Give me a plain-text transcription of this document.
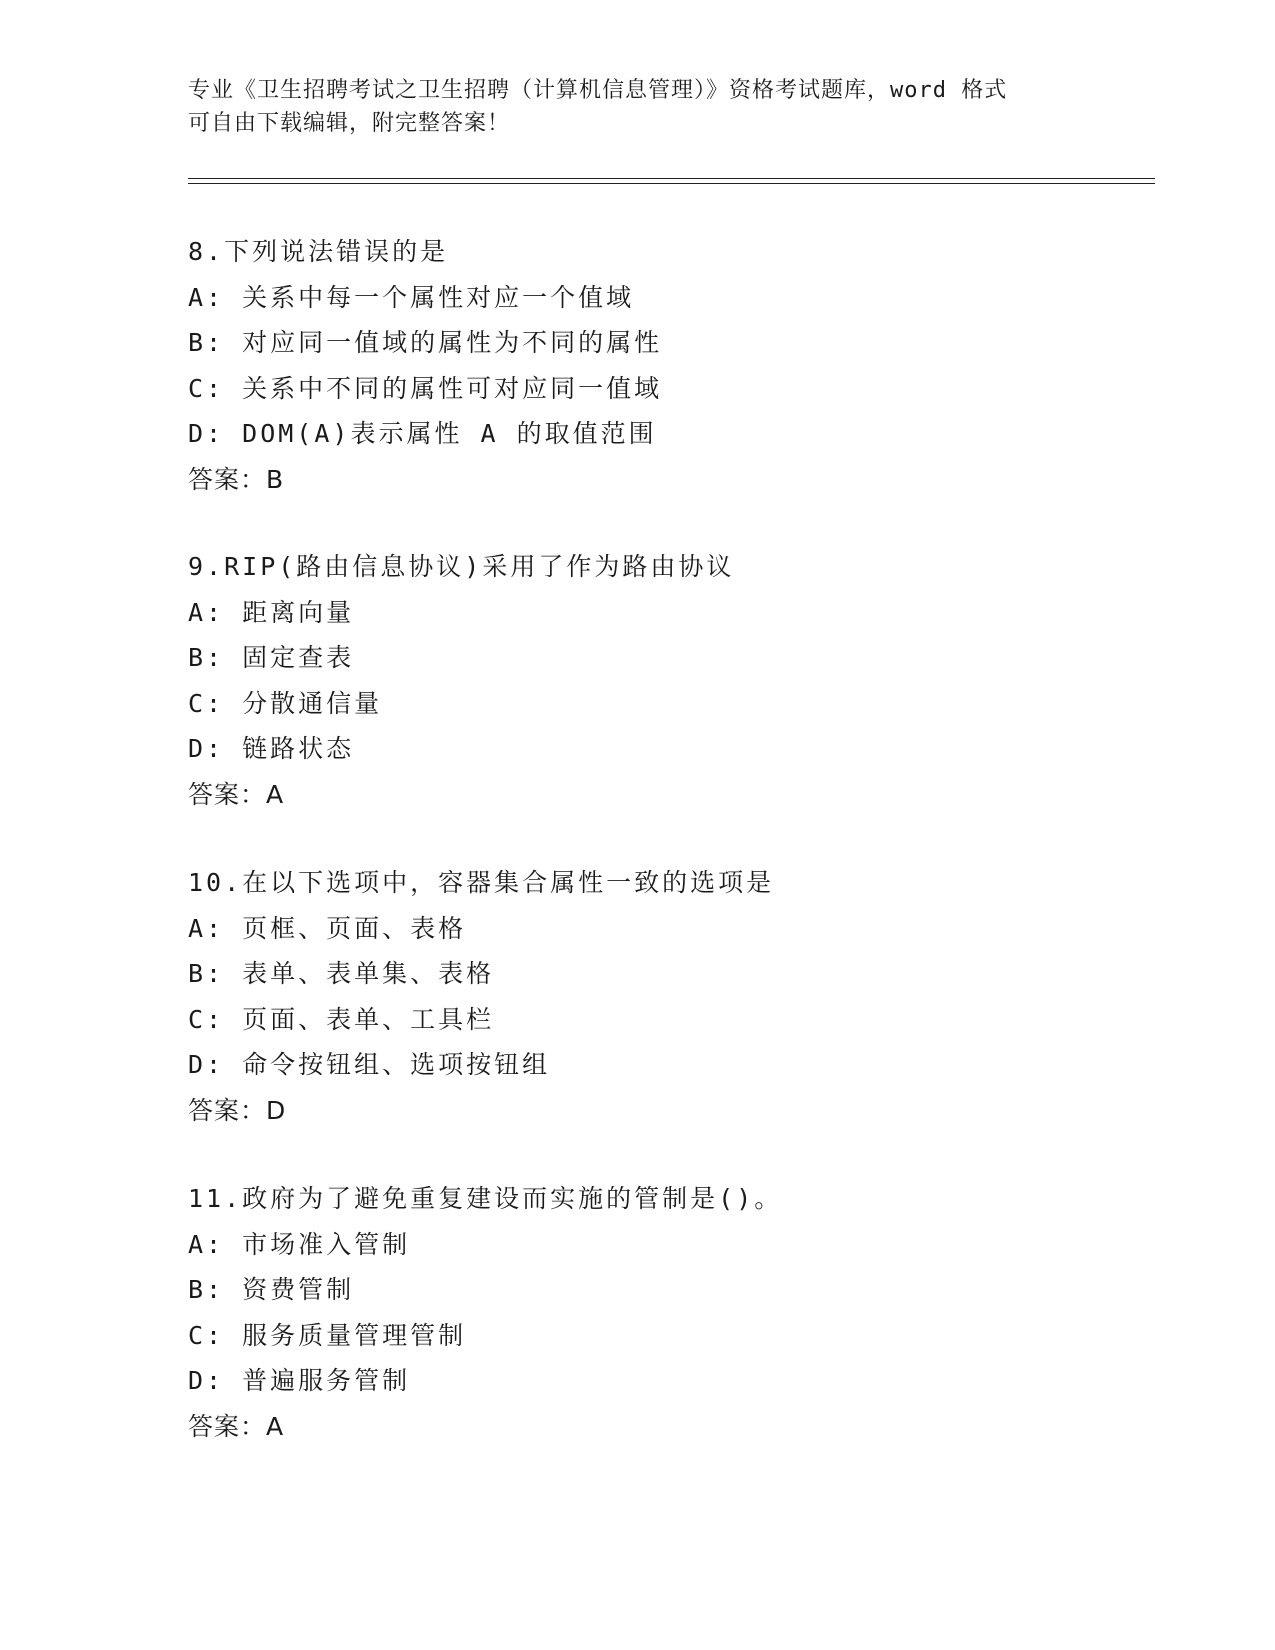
专业《卫生招聘考试之卫生招聘（计算机信息管理）》资格考试题库，word 格式
可自由下载编辑，附完整答案！
8.下列说法错误的是
A: 关系中每一个属性对应一个值域
B: 对应同一值域的属性为不同的属性
C: 关系中不同的属性可对应同一值域
D: DOM(A)表示属性 A 的取值范围
答案：B
9.RIP(路由信息协议)采用了作为路由协议
A: 距离向量
B: 固定查表
C: 分散通信量
D: 链路状态
答案：A
10.在以下选项中，容器集合属性一致的选项是
A: 页框、页面、表格
B: 表单、表单集、表格
C: 页面、表单、工具栏
D: 命令按钮组、选项按钮组
答案：D
11.政府为了避免重复建设而实施的管制是()。
A: 市场准入管制
B: 资费管制
C: 服务质量管理管制
D: 普遍服务管制
答案：A
